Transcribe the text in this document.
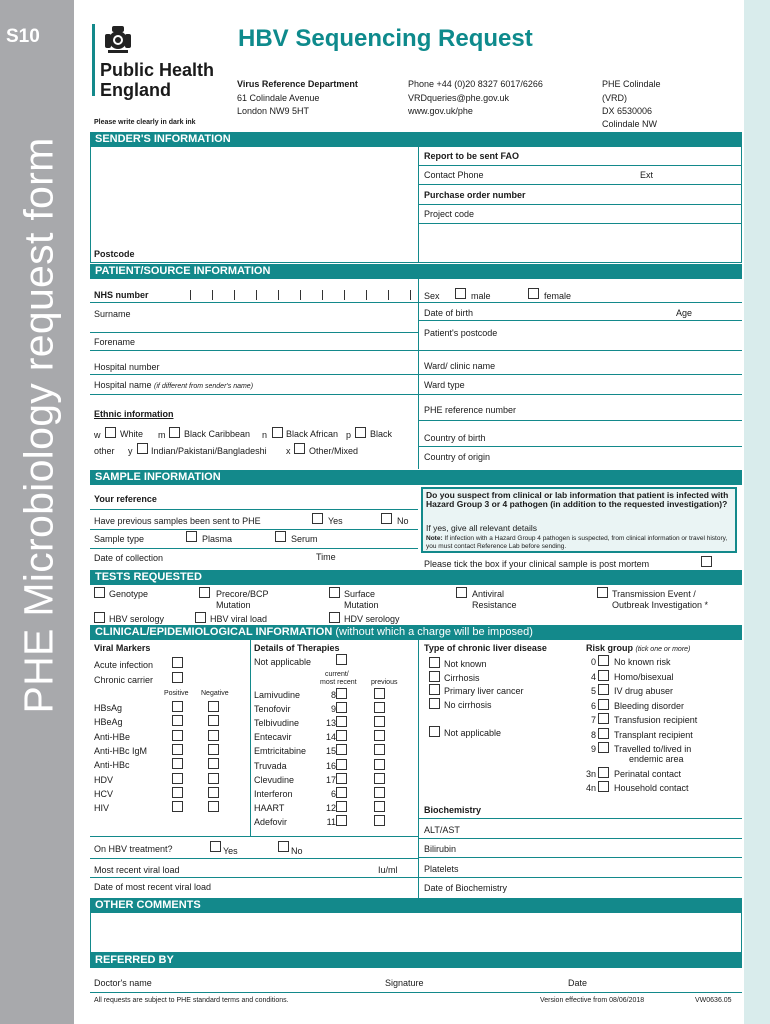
S10
PHE Microbiology request form
Public Health
England
HBV Sequencing Request
Virus Reference Department
61 Colindale Avenue
London NW9 5HT
Phone +44 (0)20 8327 6017/6266
VRDqueries@phe.gov.uk
www.gov.uk/phe
PHE Colindale
(VRD)
DX 6530006
Colindale NW
Please write clearly in dark ink
SENDER'S INFORMATION
Report to be sent FAO
Contact Phone	Ext
Purchase order number
Project code
Postcode
PATIENT/SOURCE INFORMATION
NHS number	Sex	male	female
Surname	Date of birth	Age
Patient's postcode
Forename
Hospital number	Ward/ clinic name
Hospital name (if different from sender's name)	Ward type
Ethnic information	PHE reference number
w White m Black Caribbean n Black African p Black
other y Indian/Pakistani/Bangladeshi x Other/Mixed
Country of birth
Country of origin
SAMPLE INFORMATION
Your reference
Have previous samples been sent to PHE	Yes	No
Sample type	Plasma	Serum
Date of collection	Time
Do you suspect from clinical or lab information that patient is infected with Hazard Group 3 or 4 pathogen (in addition to the requested investigation)?
If yes, give all relevant details
Note: If infection with a Hazard Group 4 pathogen is suspected, from clinical information or travel history, you must contact Reference Lab before sending.
Please tick the box if your clinical sample is post mortem
TESTS REQUESTED
Genotype	Precore/BCP
Mutation
Surface
Mutation
Antiviral
Resistance
Transmission Event /
Outbreak Investigation *
HBV serology	HBV viral load	HDV serology
CLINICAL/EPIDEMIOLOGICAL INFORMATION (without which a charge will be imposed)
Viral Markers
Acute infection
Chronic carrier
Positive Negative
HBsAg
HBeAg
Anti-HBe
Anti-HBc IgM
Anti-HBc
HDV
HCV
HIV
Details of Therapies
Not applicable
current/
most recent previous
Lamivudine	8
Tenofovir	9
Telbivudine	13
Entecavir	14
Emtricitabine	15
Truvada	16
Clevudine	17
Interferon	6
HAART	12
Adefovir	11
Type of chronic liver disease
Not known
Cirrhosis
Primary liver cancer
No cirrhosis
Not applicable
Risk group (tick one or more)
0 No known risk
4 Homo/bisexual
5 IV drug abuser
6 Bleeding disorder
7 Transfusion recipient
8 Transplant recipient
9 Travelled to/lived in
3n Perinatal contact
4n Household contact
endemic area
Biochemistry
ALT/AST
Bilirubin
Platelets
Date of Biochemistry
On HBV treatment?	Yes	No
Most recent viral load	Iu/ml
Date of most recent viral load
OTHER COMMENTS
REFERRED BY
Doctor's name	Signature	Date
All requests are subject to PHE standard terms and conditions.	Version effective from 08/06/2018	VW0636.05
